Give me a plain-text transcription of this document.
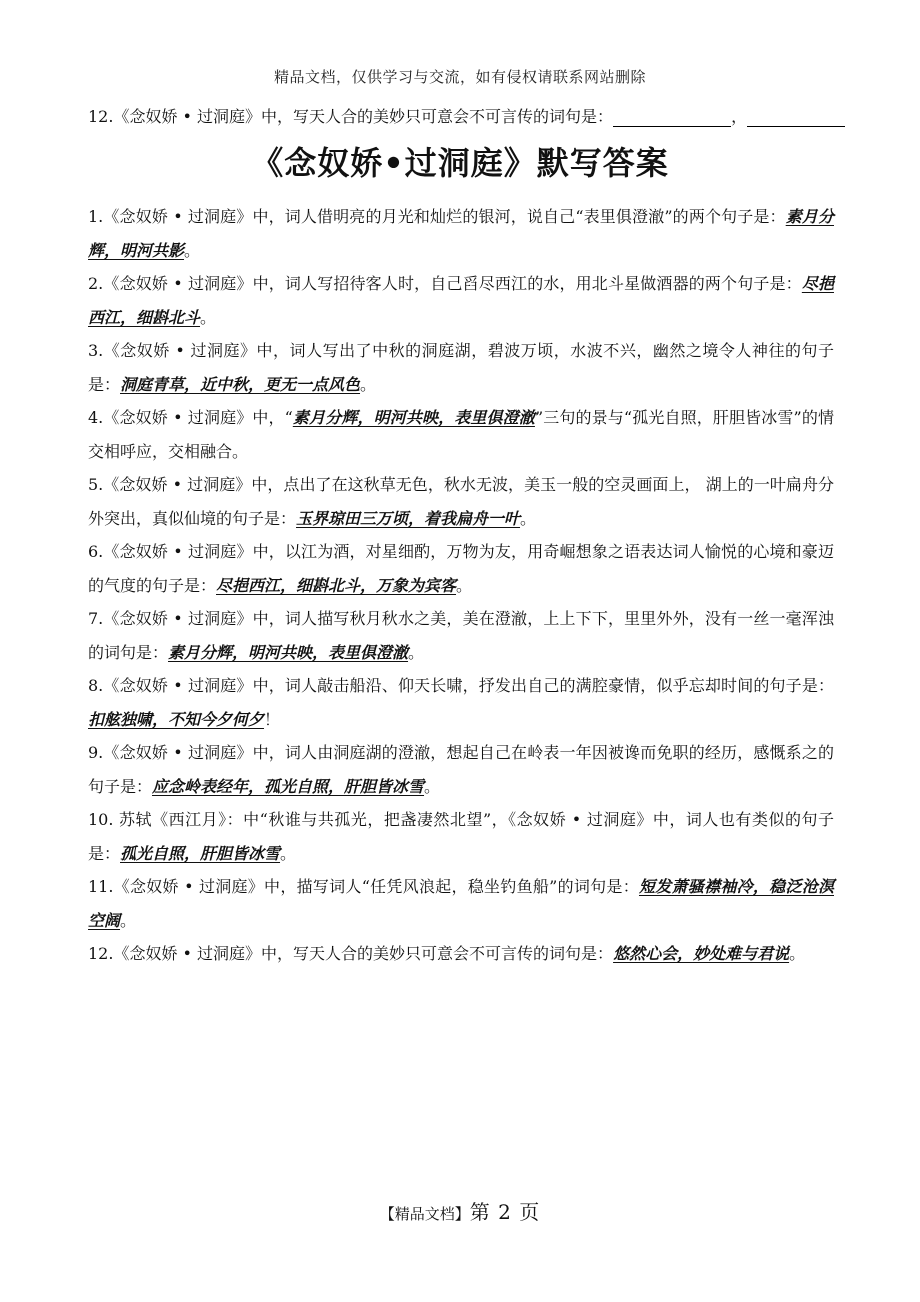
精品文档，仅供学习与交流，如有侵权请联系网站删除
12.《念奴娇 • 过洞庭》中，写天人合的美妙只可意会不可言传的词句是：	，
《念奴娇•过洞庭》默写答案

1.《念奴娇 • 过洞庭》中，词人借明亮的月光和灿烂的银河，说自己“表里俱澄澈”的两个句子是：素月分辉，明河共影。

2.《念奴娇 • 过洞庭》中，词人写招待客人时，自己舀尽西江的水，用北斗星做酒器的两个句子是：尽挹西江，细斟北斗。

3.《念奴娇 • 过洞庭》中，词人写出了中秋的洞庭湖，碧波万顷，水波不兴，幽然之境令人神往的句子是：洞庭青草，近中秋，更无一点风色。

4.《念奴娇 • 过洞庭》中，“素月分辉，明河共映，表里俱澄澈”三句的景与“孤光自照，肝胆皆冰雪”的情交相呼应，交相融合。

5.《念奴娇 • 过洞庭》中，点出了在这秋草无色，秋水无波，美玉一般的空灵画面上， 湖上的一叶扁舟分外突出，真似仙境的句子是：玉界琼田三万顷，着我扁舟一叶。

6.《念奴娇 • 过洞庭》中，以江为酒，对星细酌，万物为友，用奇崛想象之语表达词人愉悦的心境和豪迈的气度的句子是：尽挹西江，细斟北斗，万象为宾客。

7.《念奴娇 • 过洞庭》中，词人描写秋月秋水之美，美在澄澈，上上下下，里里外外，没有一丝一毫浑浊的词句是：素月分辉，明河共映，表里俱澄澈。

8.《念奴娇 • 过洞庭》中，词人敲击船沿、仰天长啸，抒发出自己的满腔豪情，似乎忘却时间的句子是：扣舷独啸，不知今夕何夕！

9.《念奴娇 • 过洞庭》中，词人由洞庭湖的澄澈，想起自己在岭表一年因被谗而免职的经历，感慨系之的句子是：应念岭表经年，孤光自照，肝胆皆冰雪。

10. 苏轼《西江月》：中“秋谁与共孤光，把盏凄然北望”，《念奴娇 • 过洞庭》中，词人也有类似的句子是：孤光自照，肝胆皆冰雪。

11.《念奴娇 • 过洞庭》中，描写词人“任凭风浪起，稳坐钓鱼船”的词句是：短发萧骚襟袖冷，稳泛沧溟空阔。

12.《念奴娇 • 过洞庭》中，写天人合的美妙只可意会不可言传的词句是：悠然心会，妙处难与君说。

【精品文档】第 2 页
